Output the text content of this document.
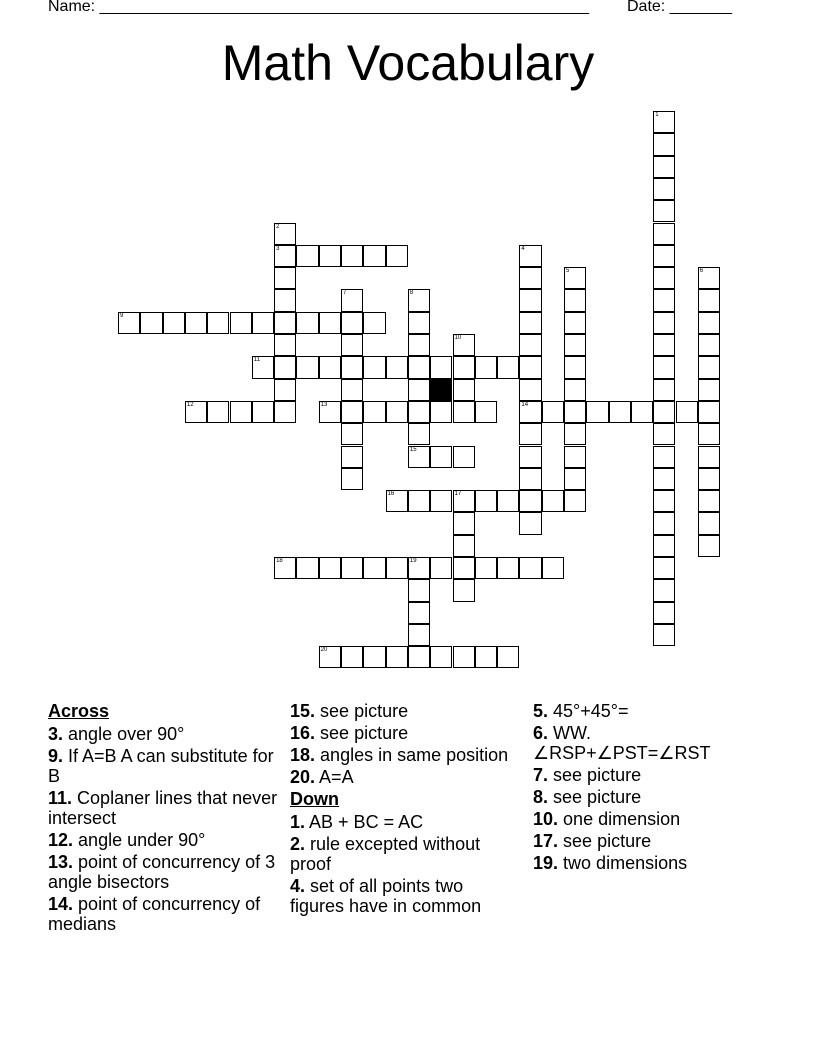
Name: _______________________________________________________ Date: _______
Math Vocabulary
1
2
3	4
14
5	6
7	8
15
9
10
11
12	13
16	17
18	19
20
Across
3. angle over 90°
9. If A=B A can substitute for B
11. Coplaner lines that never intersect
12. angle under 90°
13. point of concurrency of 3 angle bisectors
14. point of concurrency of medians
15. see picture
16. see picture
18. angles in same position
20. A=A
Down
1. AB + BC = AC
2. rule excepted without proof
4. set of all points two figures have in common
5. 45°+45°=
6. WW. ∠RSP+∠PST=∠RST
7. see picture
8. see picture
10. one dimension
17. see picture
19. two dimensions
